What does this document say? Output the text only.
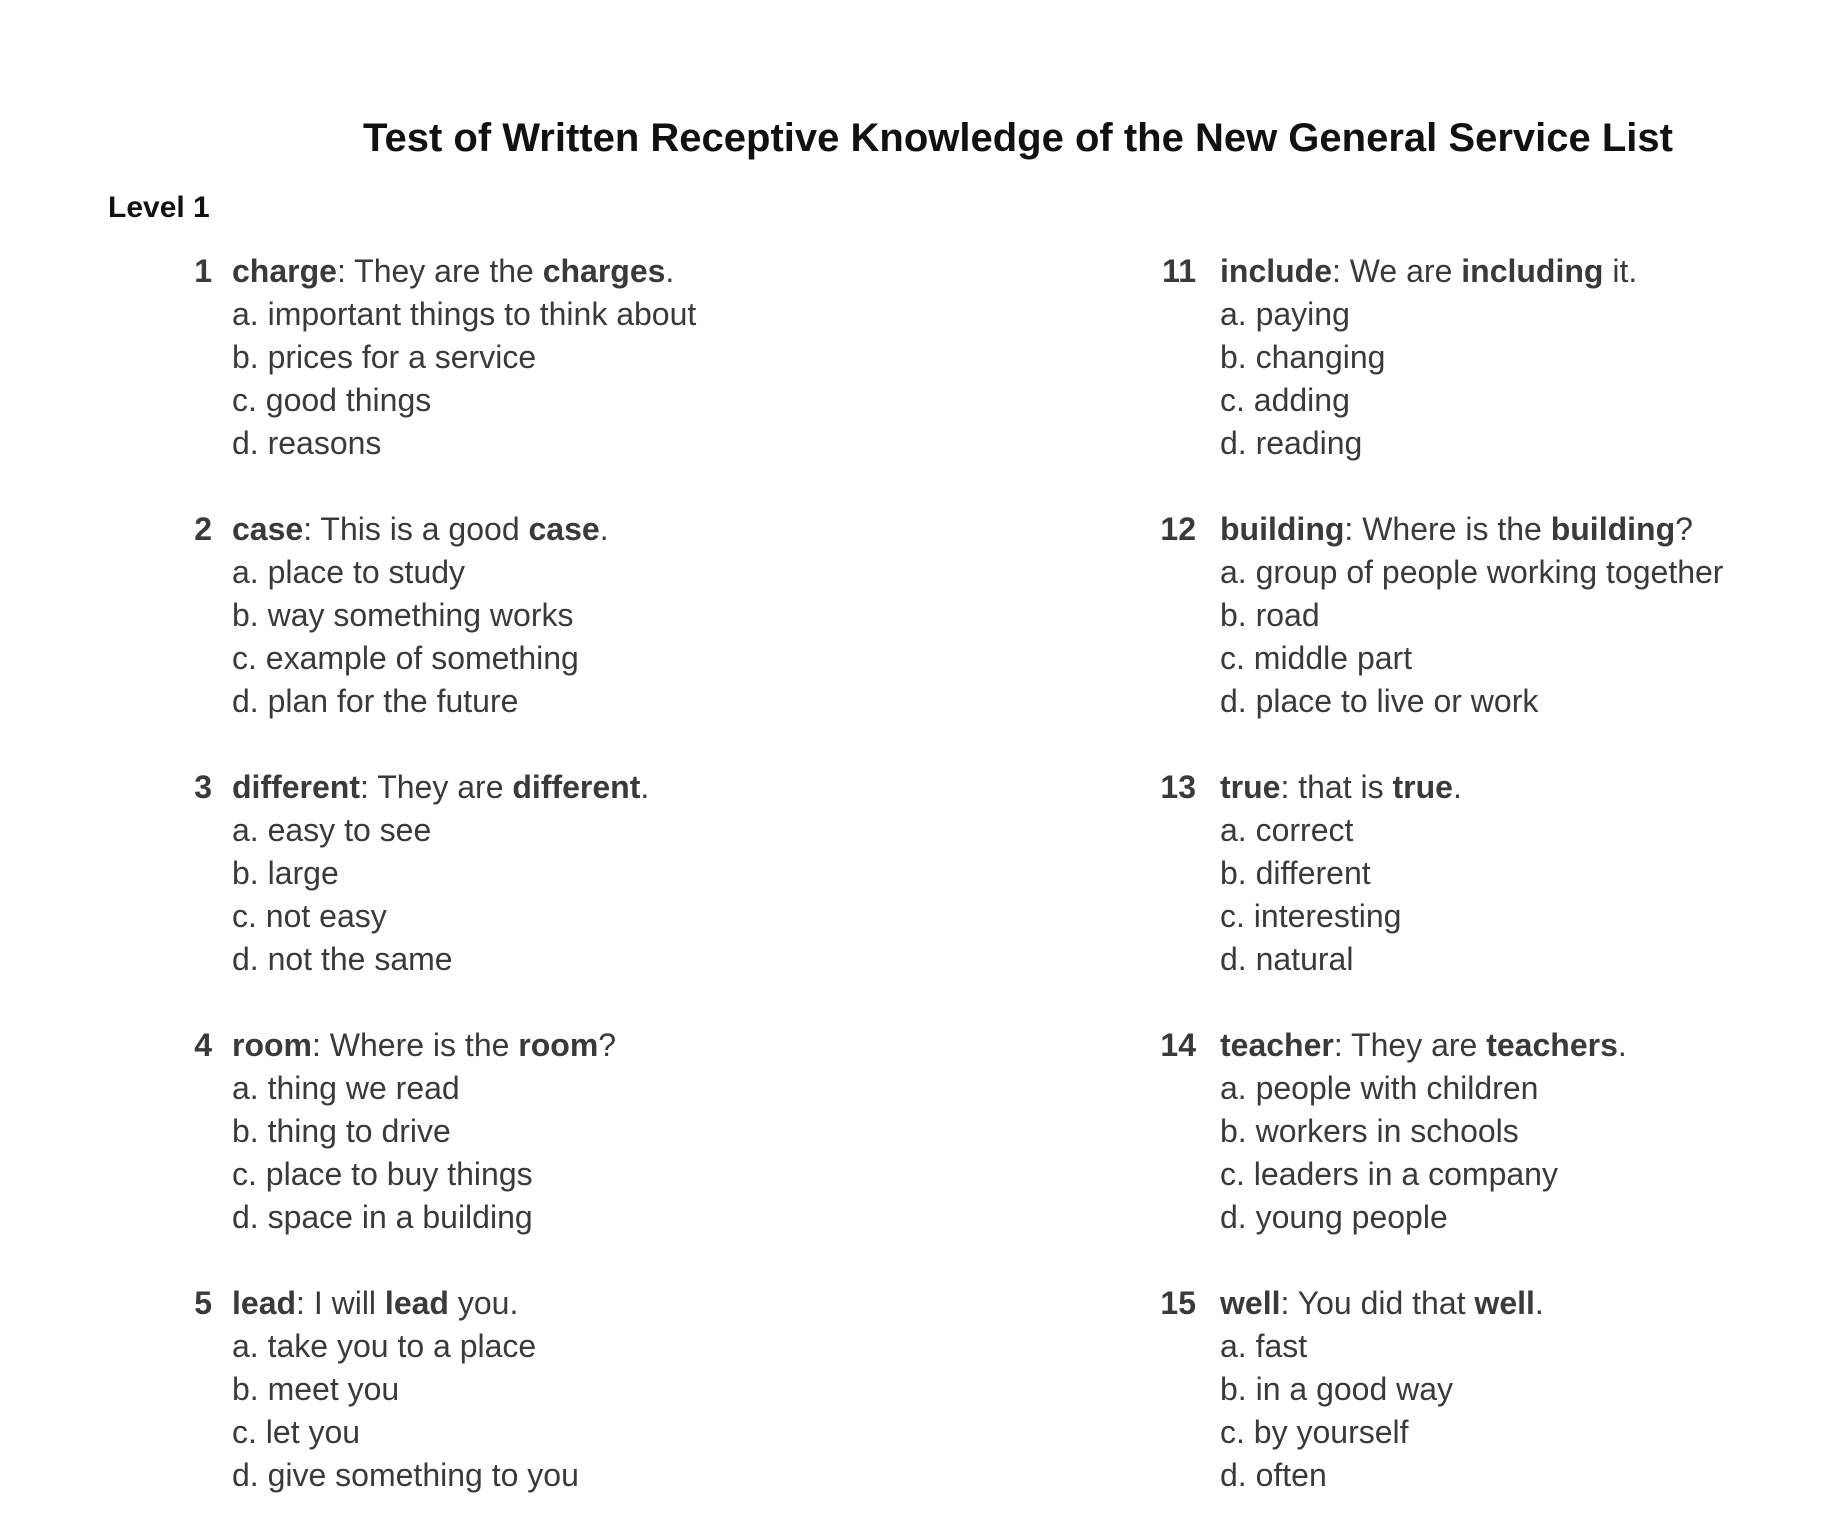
Test of Written Receptive Knowledge of the New General Service List
Level 1
1 charge: They are the charges.
a. important things to think about
b. prices for a service
c. good things
d. reasons
2 case: This is a good case.
a. place to study
b. way something works
c. example of something
d. plan for the future
3 different: They are different.
a. easy to see
b. large
c. not easy
d. not the same
4 room: Where is the room?
a. thing we read
b. thing to drive
c. place to buy things
d. space in a building
5 lead: I will lead you.
a. take you to a place
b. meet you
c. let you
d. give something to you
11 include: We are including it.
a. paying
b. changing
c. adding
d. reading
12 building: Where is the building?
a. group of people working together
b. road
c. middle part
d. place to live or work
13 true: that is true.
a. correct
b. different
c. interesting
d. natural
14 teacher: They are teachers.
a. people with children
b. workers in schools
c. leaders in a company
d. young people
15 well: You did that well.
a. fast
b. in a good way
c. by yourself
d. often
